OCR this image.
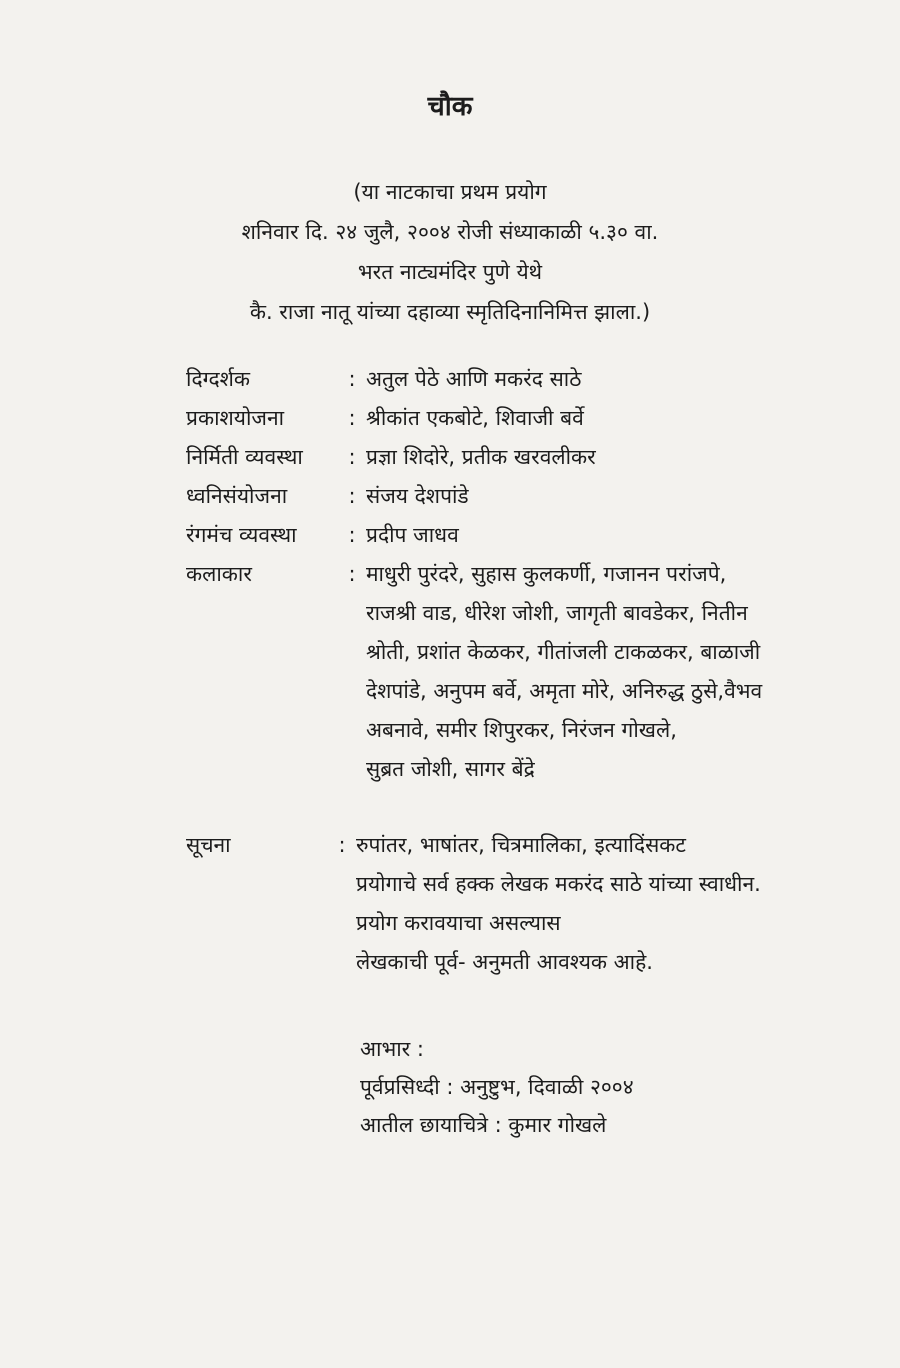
चौक
(या नाटकाचा प्रथम प्रयोग
शनिवार दि. २४ जुलै, २००४ रोजी संध्याकाळी ५.३० वा.
भरत नाट्यमंदिर पुणे येथे
कै. राजा नातू यांच्या दहाव्या स्मृतिदिनानिमित्त झाला.)
दिग्दर्शक	: अतुल पेठे आणि मकरंद साठे
प्रकाशयोजना	: श्रीकांत एकबोटे, शिवाजी बर्वे
निर्मिती व्यवस्था	: प्रज्ञा शिदोरे, प्रतीक खरवलीकर
ध्वनिसंयोजना	: संजय देशपांडे
रंगमंच व्यवस्था	: प्रदीप जाधव
कलाकार	: माधुरी पुरंदरे, सुहास कुलकर्णी, गजानन परांजपे,
राजश्री वाड, धीरेश जोशी, जागृती बावडेकर, नितीन
श्रोती, प्रशांत केळकर, गीतांजली टाकळकर, बाळाजी
देशपांडे, अनुपम बर्वे, अमृता मोरे, अनिरुद्ध ठुसे,वैभव
अबनावे, समीर शिपुरकर, निरंजन गोखले,
सुब्रत जोशी, सागर बेंद्रे
सूचना	: रुपांतर, भाषांतर, चित्रमालिका, इत्यादिंसकट
प्रयोगाचे सर्व हक्क लेखक मकरंद साठे यांच्या स्वाधीन.
प्रयोग करावयाचा असल्यास
लेखकाची पूर्व- अनुमती आवश्यक आहे.
आभार :
पूर्वप्रसिध्दी : अनुष्टुभ, दिवाळी २००४
आतील छायाचित्रे : कुमार गोखले
